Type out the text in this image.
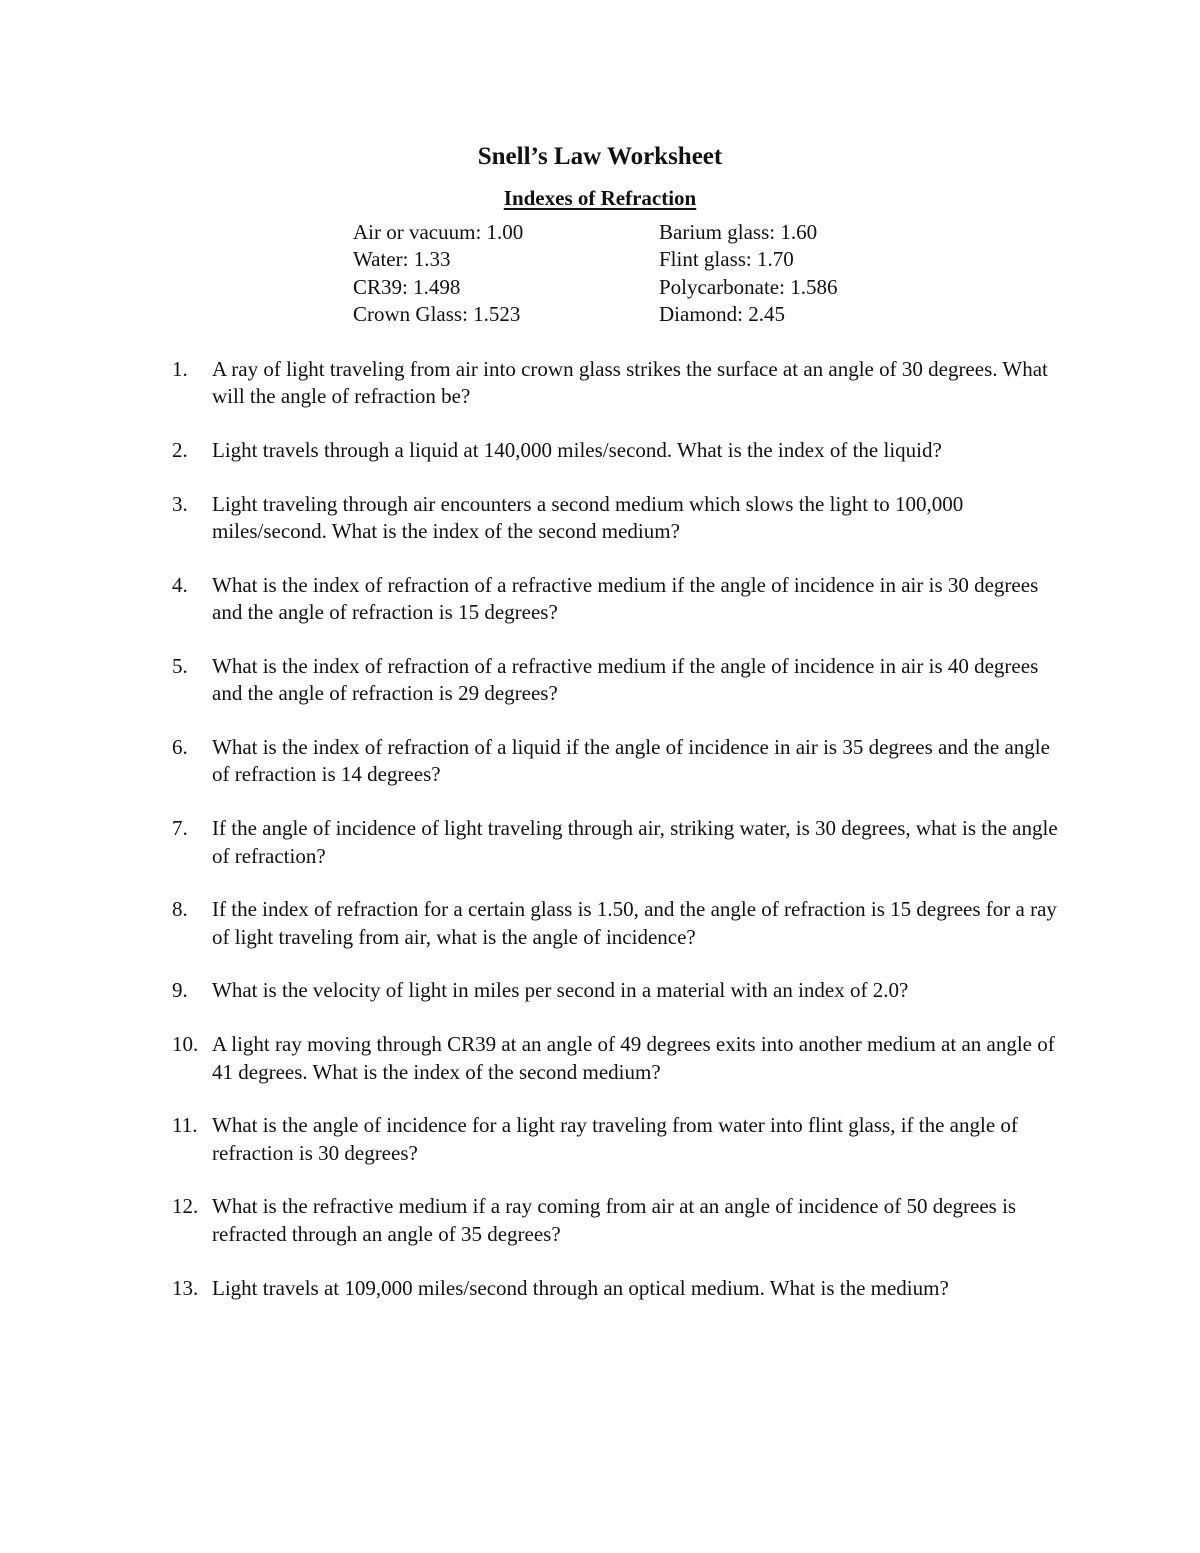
Snell’s Law Worksheet
Indexes of Refraction
Air or vacuum: 1.00	Barium glass: 1.60
Water: 1.33	Flint glass: 1.70
CR39: 1.498	Polycarbonate: 1.586
Crown Glass: 1.523	Diamond: 2.45
1. A ray of light traveling from air into crown glass strikes the surface at an angle of 30 degrees. What will the angle of refraction be?
2. Light travels through a liquid at 140,000 miles/second. What is the index of the liquid?
3. Light traveling through air encounters a second medium which slows the light to 100,000 miles/second. What is the index of the second medium?
4. What is the index of refraction of a refractive medium if the angle of incidence in air is 30 degrees and the angle of refraction is 15 degrees?
5. What is the index of refraction of a refractive medium if the angle of incidence in air is 40 degrees and the angle of refraction is 29 degrees?
6. What is the index of refraction of a liquid if the angle of incidence in air is 35 degrees and the angle of refraction is 14 degrees?
7. If the angle of incidence of light traveling through air, striking water, is 30 degrees, what is the angle of refraction?
8. If the index of refraction for a certain glass is 1.50, and the angle of refraction is 15 degrees for a ray of light traveling from air, what is the angle of incidence?
9. What is the velocity of light in miles per second in a material with an index of 2.0?
10. A light ray moving through CR39 at an angle of 49 degrees exits into another medium at an angle of 41 degrees. What is the index of the second medium?
11. What is the angle of incidence for a light ray traveling from water into flint glass, if the angle of refraction is 30 degrees?
12. What is the refractive medium if a ray coming from air at an angle of incidence of 50 degrees is refracted through an angle of 35 degrees?
13. Light travels at 109,000 miles/second through an optical medium. What is the medium?
